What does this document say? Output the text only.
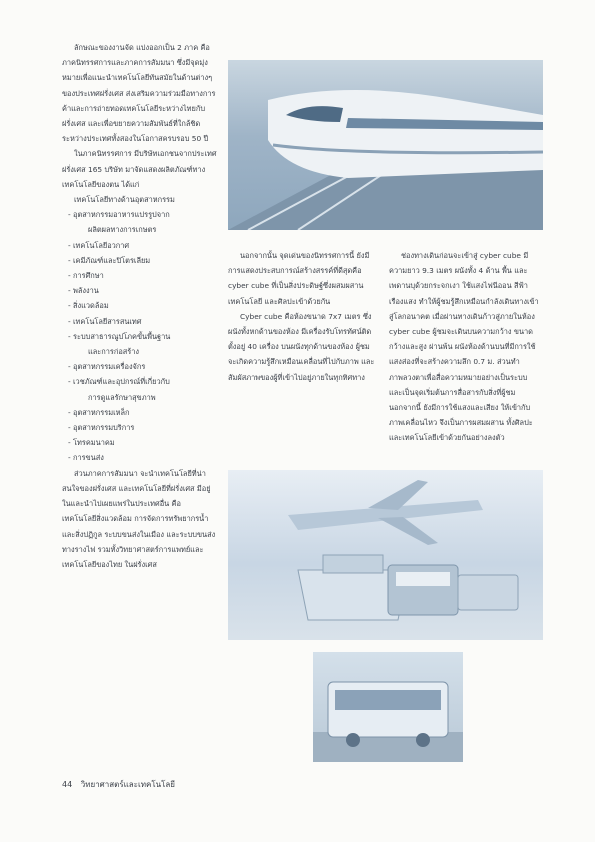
ลักษณะของงานจัด แบ่งออกเป็น 2 ภาค คือ ภาคนิทรรศการและภาคการสัมมนา ซึ่งมีจุดมุ่งหมายเพื่อแนะนำเทคโนโลยีทันสมัยในด้านต่างๆ ของประเทศฝรั่งเศส ส่งเสริมความร่วมมือทางการค้าและการถ่ายทอดเทคโนโลยีระหว่างไทยกับฝรั่งเศส และเพื่อขยายความสัมพันธ์ที่ใกล้ชิดระหว่างประเทศทั้งสองในโอกาสครบรอบ 50 ปี

ในภาคนิทรรศการ มีบริษัทเอกชนจากประเทศฝรั่งเศส 165 บริษัท มาจัดแสดงผลิตภัณฑ์ทางเทคโนโลยีของตน ได้แก่

เทคโนโลยีทางด้านอุตสาหกรรม

- อุตสาหกรรมอาหารแปรรูปจาก
ผลิตผลทางการเกษตร
- เทคโนโลยีอวกาศ
- เคมีภัณฑ์และปิโตรเลียม
- การศึกษา
- พลังงาน
- สิ่งแวดล้อม
- เทคโนโลยีสารสนเทศ
- ระบบสาธารณูปโภคขั้นพื้นฐาน
และการก่อสร้าง
- อุตสาหกรรมเครื่องจักร
- เวชภัณฑ์และอุปกรณ์ที่เกี่ยวกับ
การดูแลรักษาสุขภาพ
- อุตสาหกรรมเหล็ก
- อุตสาหกรรมบริการ
- โทรคมนาคม
- การขนส่ง

ส่วนภาคการสัมมนา จะนำเทคโนโลยีที่น่าสนใจของฝรั่งเศส และเทคโนโลยีที่ฝรั่งเศส มีอยู่ในและนำไปเผยแพร่ในประเทศอื่น คือ เทคโนโลยีสิ่งแวดล้อม การจัดการทรัพยากรน้ำและสิ่งปฏิกูล ระบบขนส่งในเมือง และระบบขนส่งทางรางไฟ รวมทั้งวิทยาศาสตร์การแพทย์และเทคโนโลยีของไทย ในฝรั่งเศส

นอกจากนั้น จุดเด่นของนิทรรศการนี้ ยังมีการแสดงประสบการณ์สร้างสรรค์ที่ดีสุดคือ cyber cube ที่เป็นสิ่งประดิษฐ์ซึ่งผสมผสานเทคโนโลยี และศิลปะเข้าด้วยกัน

Cyber cube คือห้องขนาด 7x7 เมตร ซึ่งผนังทั้งหกด้านของห้อง มีเครื่องรับโทรทัศน์ติดตั้งอยู่ 40 เครื่อง บนผนังทุกด้านของห้อง ผู้ชมจะเกิดความรู้สึกเหมือนเคลื่อนที่ไปกับภาพ และสัมผัสภาพของผู้ที่เข้าไปอยู่ภายในทุกทิศทาง

ช่องทางเดินก่อนจะเข้าสู่ cyber cube มีความยาว 9.3 เมตร ผนังทั้ง 4 ด้าน พื้น และเพดานบุด้วยกระจกเงา ใช้แสงไฟนีออน สีฟ้าเรืองแสง ทำให้ผู้ชมรู้สึกเหมือนกำลังเดินทางเข้าสู่โลกอนาคต เมื่อผ่านทางเดินก้าวสู่ภายในห้อง cyber cube ผู้ชมจะเดินบนความกว้าง ขนาดกว้างและสูง ผ่านพ้น ผนังห้องด้านบนที่มีการใช้แสงส่องที่จะสร้างความลึก 0.7 ม. ส่วนทำภาพลวงตาเพื่อสื่อความหมายอย่างเป็นระบบ และเป็นจุดเริ่มต้นการสื่อสารกับสิ่งที่ผู้ชม นอกจากนี้ ยังมีการใช้แสงและเสียง ให้เข้ากับภาพเคลื่อนไหว จึงเป็นการผสมผสาน ทั้งศิลปะและเทคโนโลยีเข้าด้วยกันอย่างลงตัว

44 วิทยาศาสตร์และเทคโนโลยี
